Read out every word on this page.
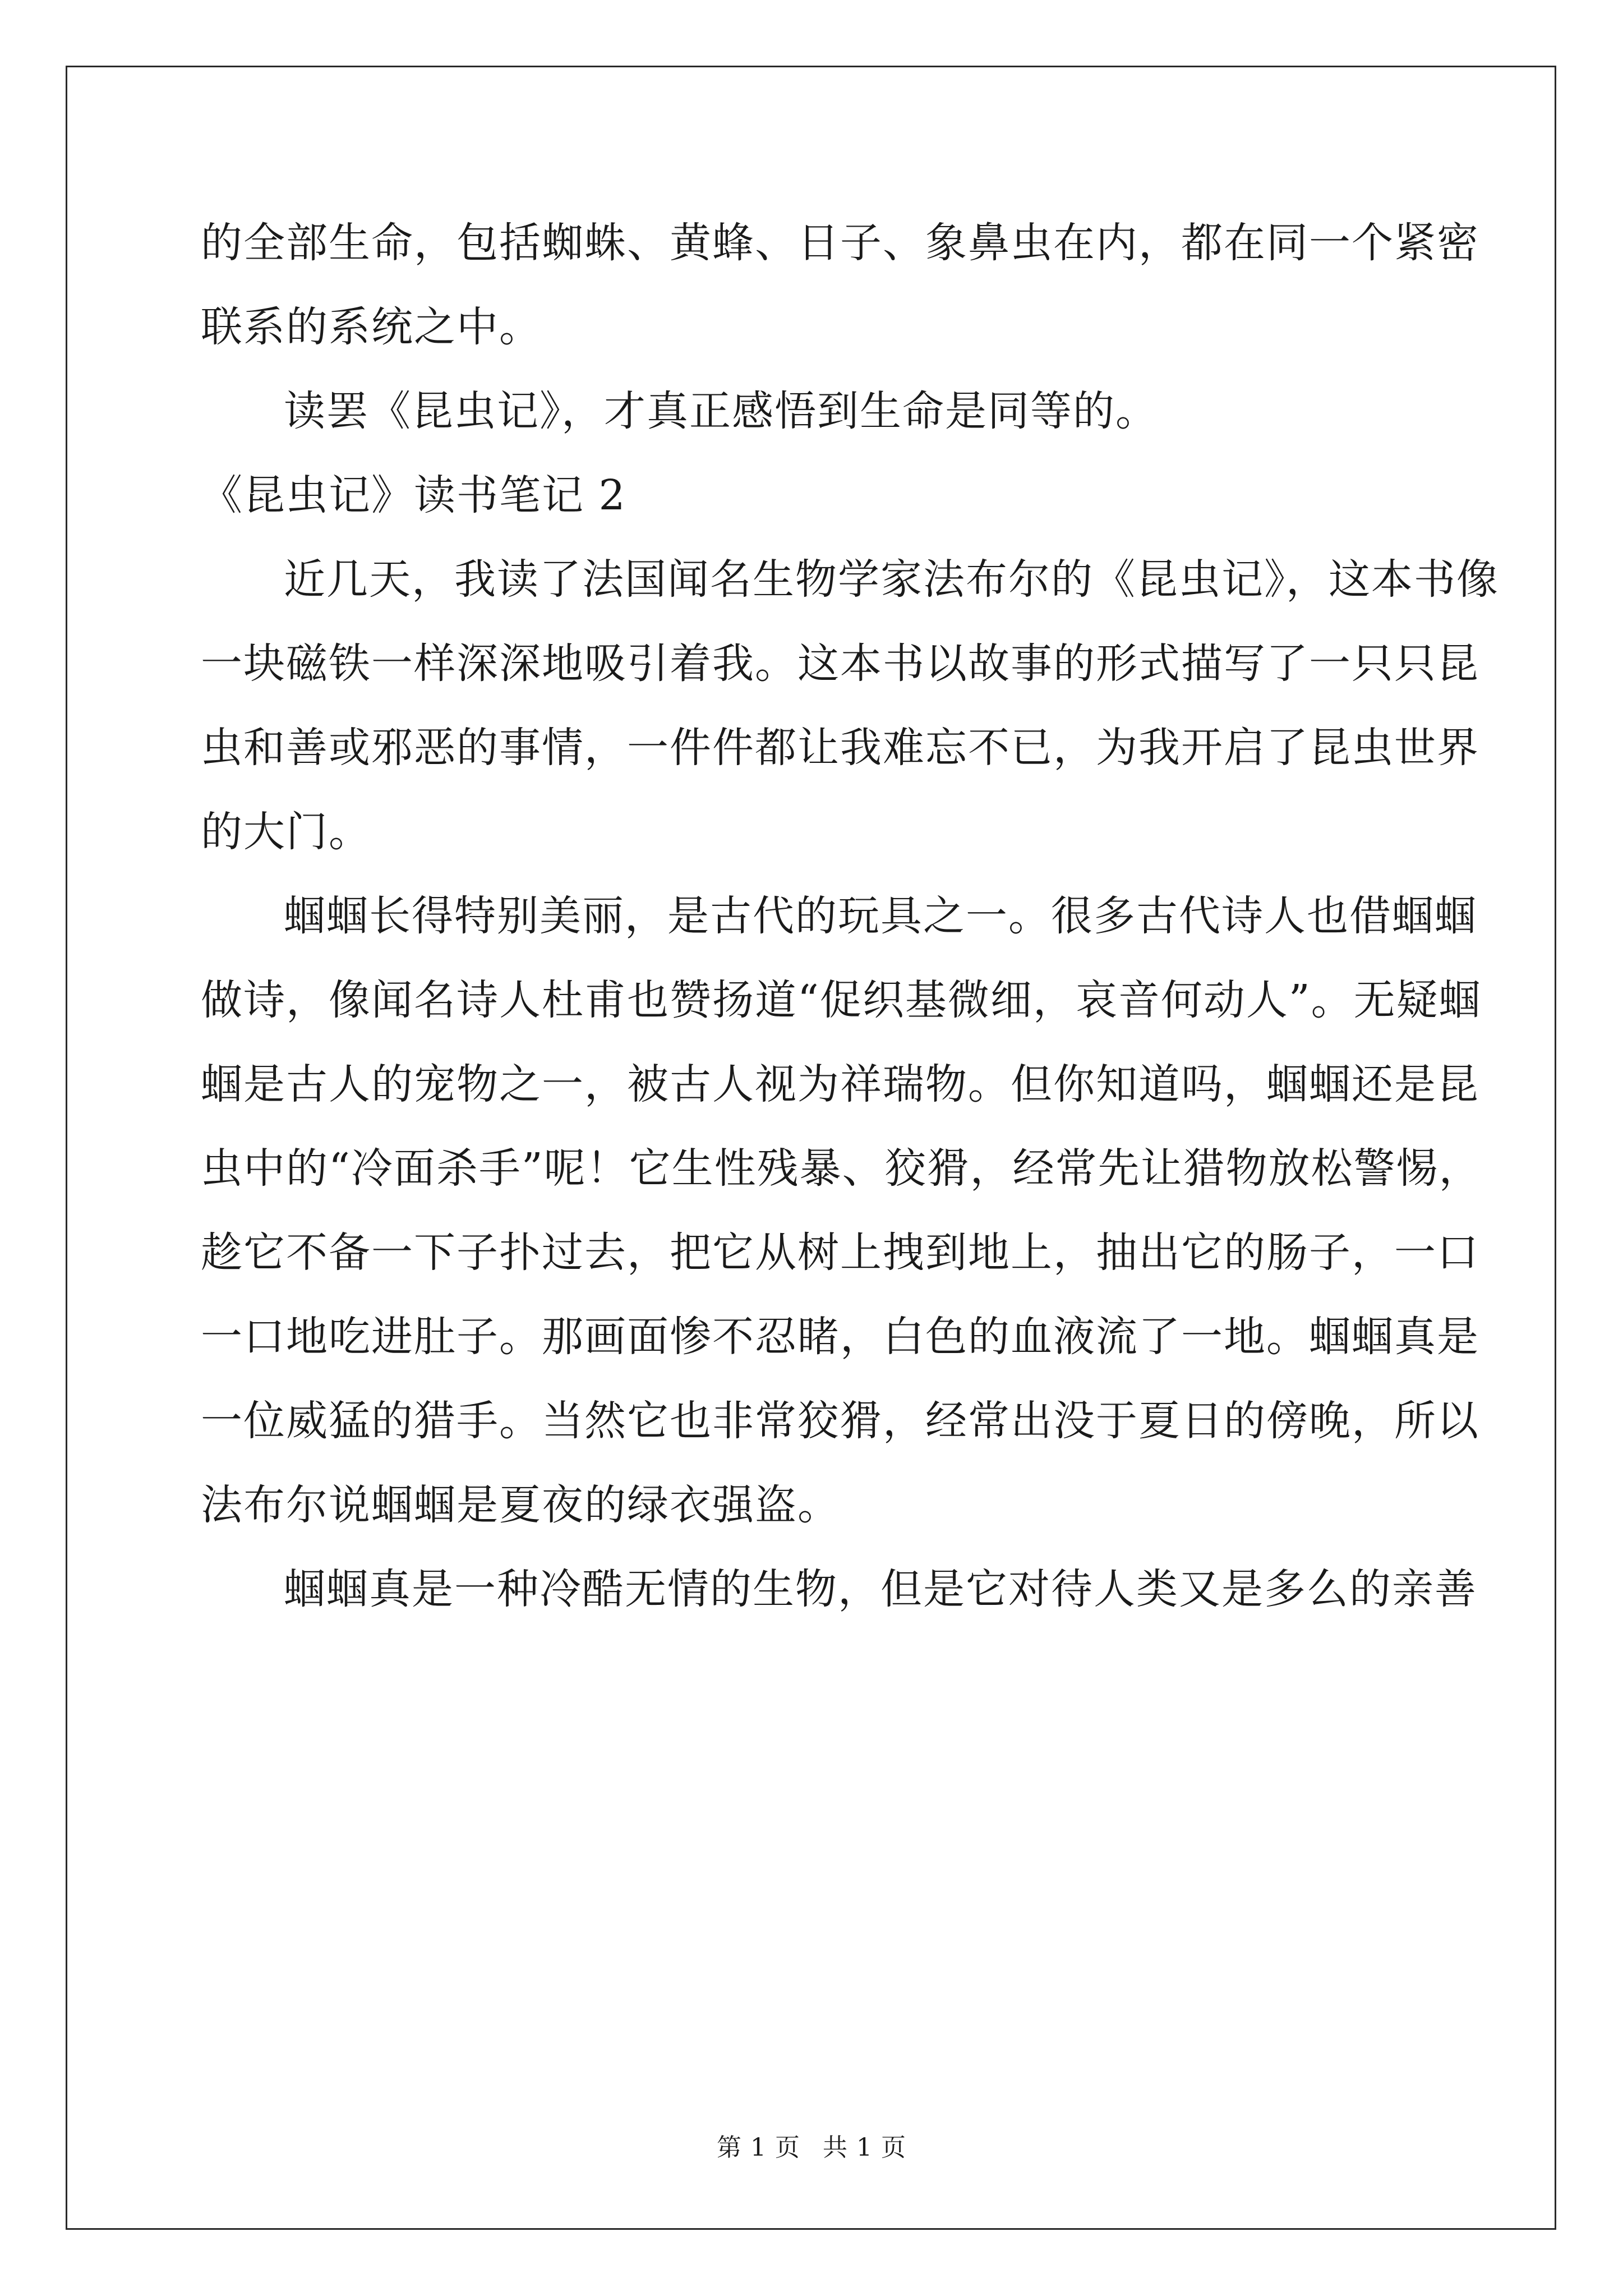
的全部生命，包括蜘蛛、黄蜂、日子、象鼻虫在内，都在同一个紧密
联系的系统之中。
读罢《昆虫记》，才真正感悟到生命是同等的。
《昆虫记》读书笔记 2
近几天，我读了法国闻名生物学家法布尔的《昆虫记》，这本书像
一块磁铁一样深深地吸引着我。这本书以故事的形式描写了一只只昆
虫和善或邪恶的事情，一件件都让我难忘不已，为我开启了昆虫世界
的大门。
蝈蝈长得特别美丽，是古代的玩具之一。很多古代诗人也借蝈蝈
做诗，像闻名诗人杜甫也赞扬道“促织基微细，哀音何动人”。无疑蝈
蝈是古人的宠物之一，被古人视为祥瑞物。但你知道吗，蝈蝈还是昆
虫中的“冷面杀手”呢！它生性残暴、狡猾，经常先让猎物放松警惕，
趁它不备一下子扑过去，把它从树上拽到地上，抽出它的肠子，一口
一口地吃进肚子。那画面惨不忍睹，白色的血液流了一地。蝈蝈真是
一位威猛的猎手。当然它也非常狡猾，经常出没于夏日的傍晚，所以
法布尔说蝈蝈是夏夜的绿衣强盗。
蝈蝈真是一种冷酷无情的生物，但是它对待人类又是多么的亲善
第 1 页 共 1 页
